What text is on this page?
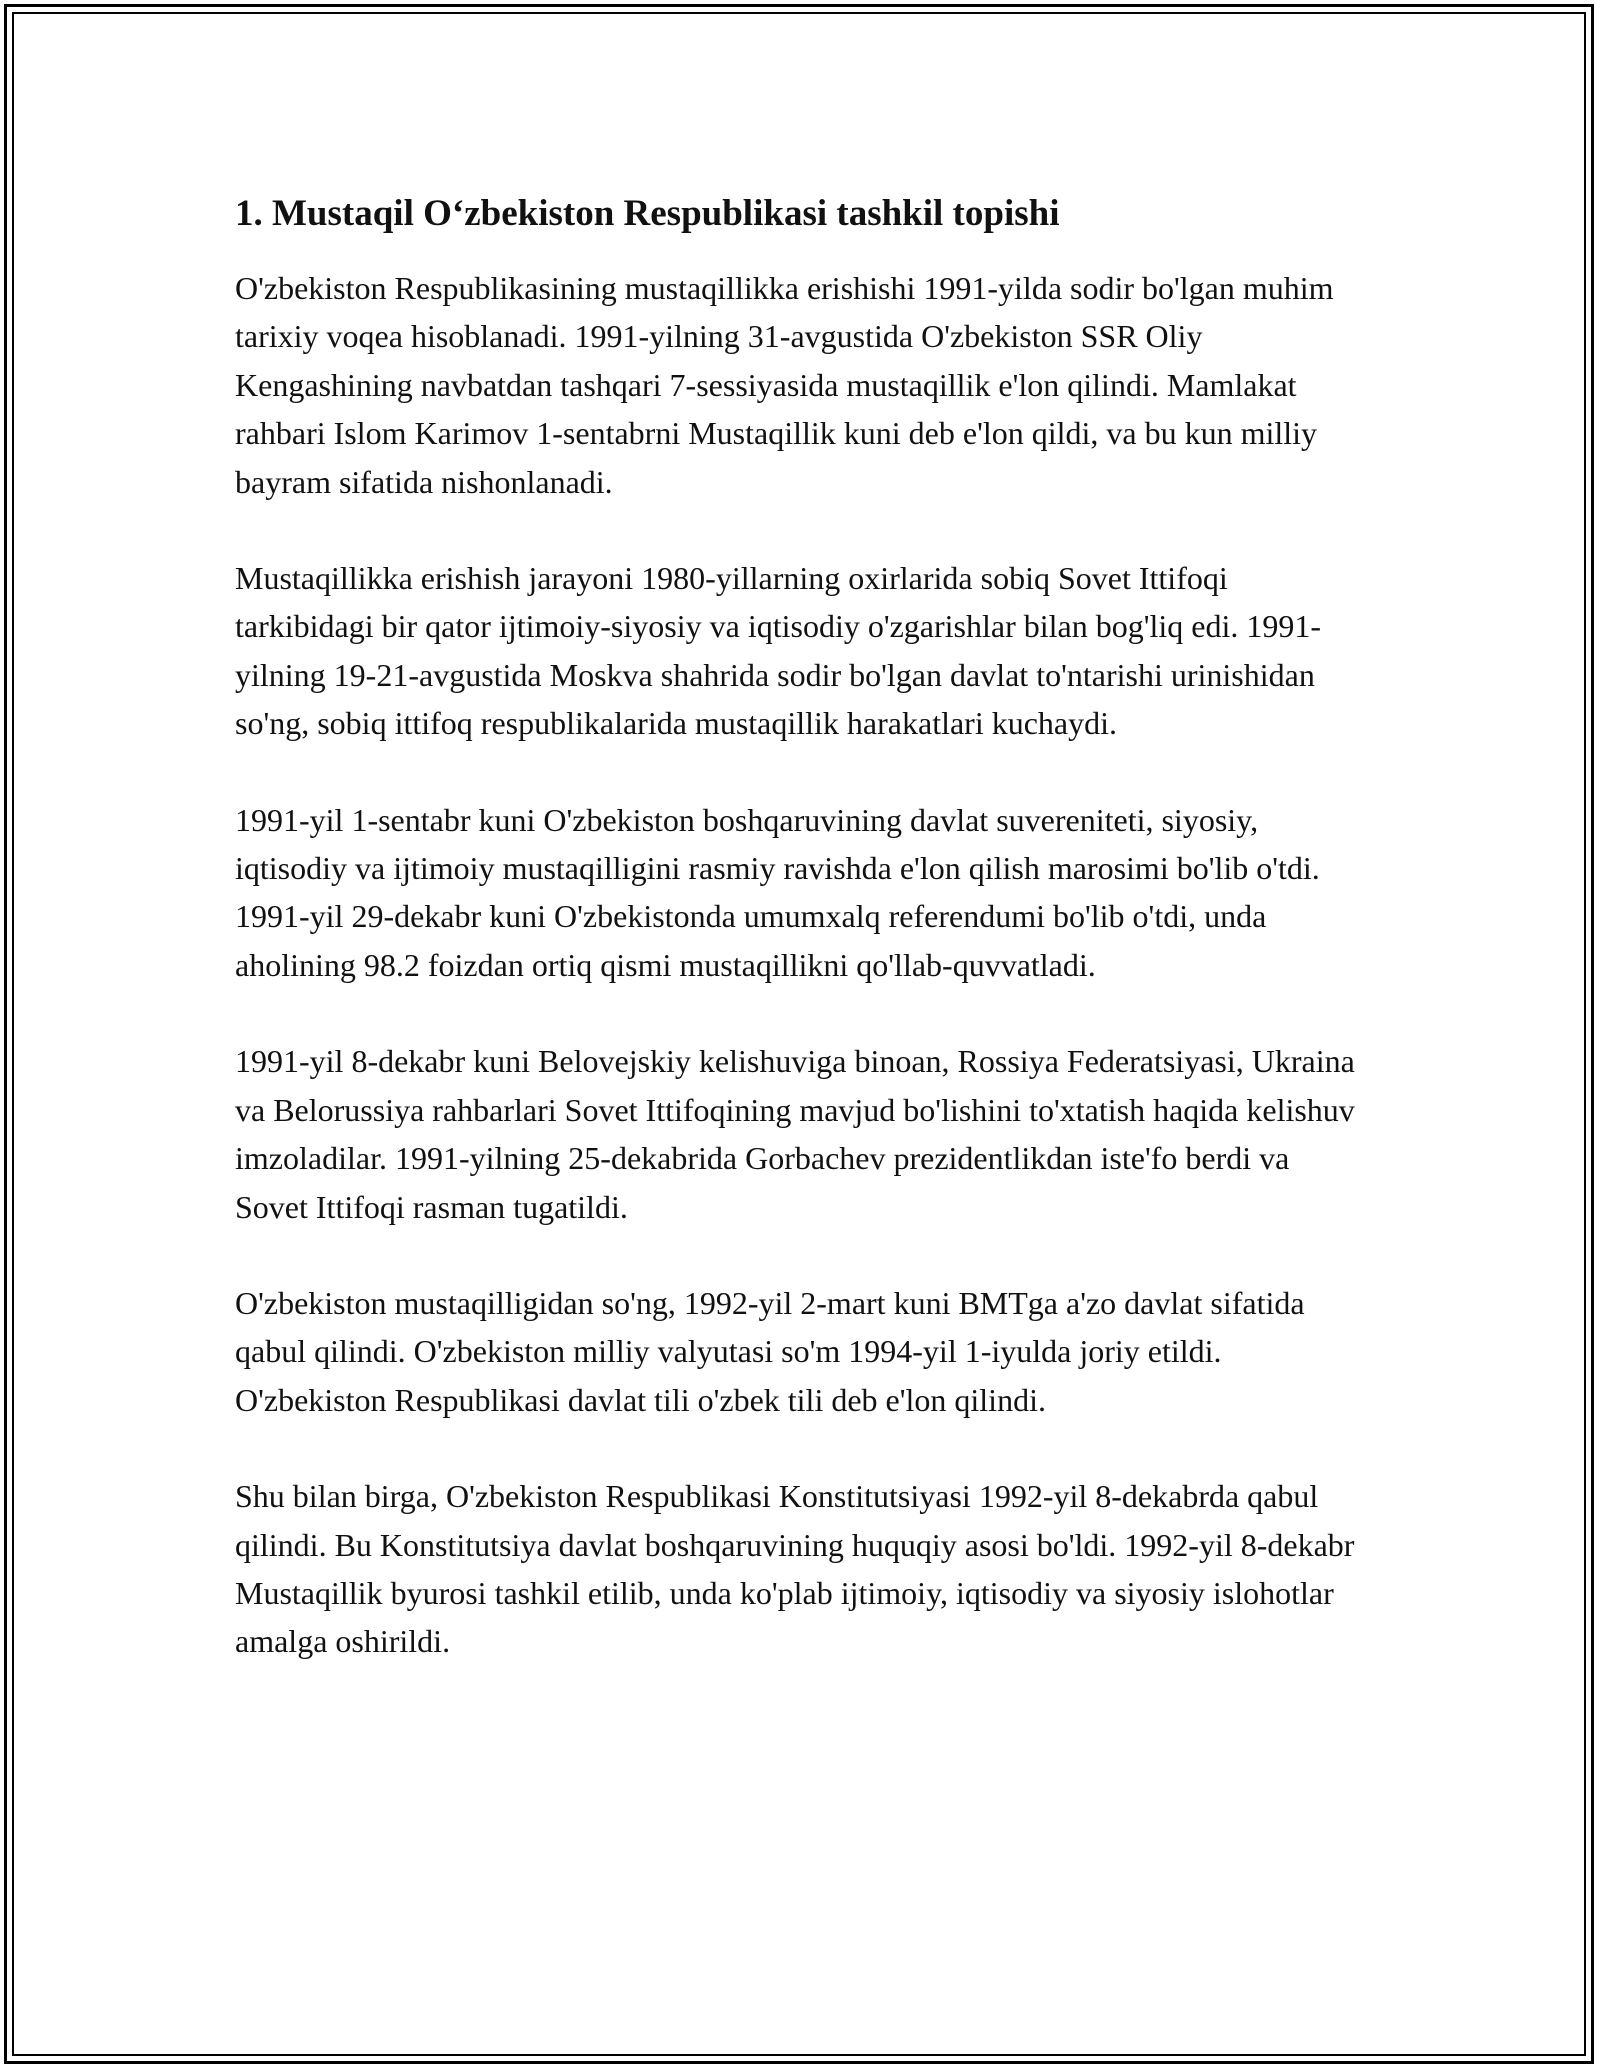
1. Mustaqil O‘zbekiston Respublikasi tashkil topishi

O'zbekiston Respublikasining mustaqillikka erishishi 1991-yilda sodir bo'lgan muhim tarixiy voqea hisoblanadi. 1991-yilning 31-avgustida O'zbekiston SSR Oliy Kengashining navbatdan tashqari 7-sessiyasida mustaqillik e'lon qilindi. Mamlakat rahbari Islom Karimov 1-sentabrni Mustaqillik kuni deb e'lon qildi, va bu kun milliy bayram sifatida nishonlanadi.

Mustaqillikka erishish jarayoni 1980-yillarning oxirlarida sobiq Sovet Ittifoqi tarkibidagi bir qator ijtimoiy-siyosiy va iqtisodiy o'zgarishlar bilan bog'liq edi. 1991-yilning 19-21-avgustida Moskva shahrida sodir bo'lgan davlat to'ntarishi urinishidan so'ng, sobiq ittifoq respublikalarida mustaqillik harakatlari kuchaydi.

1991-yil 1-sentabr kuni O'zbekiston boshqaruvining davlat suvereniteti, siyosiy, iqtisodiy va ijtimoiy mustaqilligini rasmiy ravishda e'lon qilish marosimi bo'lib o'tdi. 1991-yil 29-dekabr kuni O'zbekistonda umumxalq referendumi bo'lib o'tdi, unda aholining 98.2 foizdan ortiq qismi mustaqillikni qo'llab-quvvatladi.

1991-yil 8-dekabr kuni Belovejskiy kelishuviga binoan, Rossiya Federatsiyasi, Ukraina va Belorussiya rahbarlari Sovet Ittifoqining mavjud bo'lishini to'xtatish haqida kelishuv imzoladilar. 1991-yilning 25-dekabrida Gorbachev prezidentlikdan iste'fo berdi va Sovet Ittifoqi rasman tugatildi.

O'zbekiston mustaqilligidan so'ng, 1992-yil 2-mart kuni BMTga a'zo davlat sifatida qabul qilindi. O'zbekiston milliy valyutasi so'm 1994-yil 1-iyulda joriy etildi. O'zbekiston Respublikasi davlat tili o'zbek tili deb e'lon qilindi.

Shu bilan birga, O'zbekiston Respublikasi Konstitutsiyasi 1992-yil 8-dekabrda qabul qilindi. Bu Konstitutsiya davlat boshqaruvining huquqiy asosi bo'ldi. 1992-yil 8-dekabr Mustaqillik byurosi tashkil etilib, unda ko'plab ijtimoiy, iqtisodiy va siyosiy islohotlar amalga oshirildi.
